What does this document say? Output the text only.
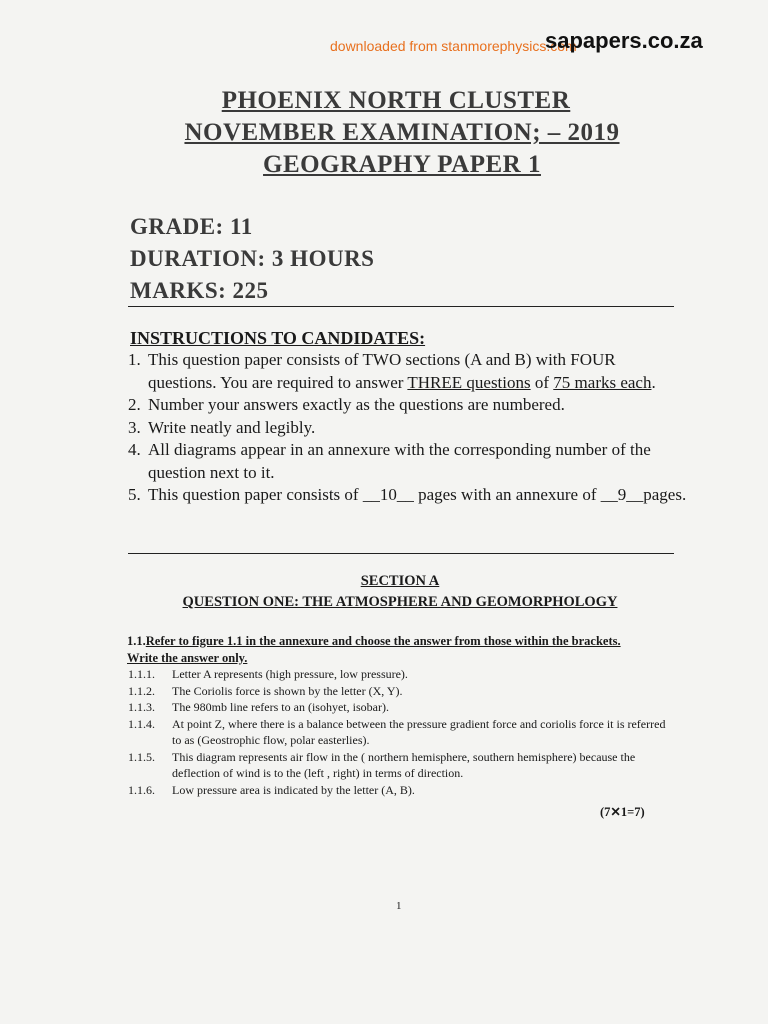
downloaded from stanmorephysics.com
sapapers.co.za
PHOENIX NORTH CLUSTER
NOVEMBER EXAMINATION; – 2019
GEOGRAPHY PAPER 1
GRADE: 11
DURATION: 3 HOURS
MARKS: 225
INSTRUCTIONS TO CANDIDATES:
1. This question paper consists of TWO sections (A and B) with FOUR questions. You are required to answer THREE questions of 75 marks each.
2. Number your answers exactly as the questions are numbered.
3. Write neatly and legibly.
4. All diagrams appear in an annexure with the corresponding number of the question next to it.
5. This question paper consists of __10__ pages with an annexure of __9__pages.
SECTION A
QUESTION ONE: THE ATMOSPHERE AND GEOMORPHOLOGY
1.1.Refer to figure 1.1 in the annexure and choose the answer from those within the brackets. Write the answer only.
1.1.1.	Letter A represents (high pressure, low pressure).
1.1.2.	The Coriolis force is shown by the letter (X, Y).
1.1.3.	The 980mb line refers to an (isohyet, isobar).
1.1.4.	At point Z, where there is a balance between the pressure gradient force and coriolis force it is referred to as (Geostrophic flow, polar easterlies).
1.1.5.	This diagram represents air flow in the ( northern hemisphere, southern hemisphere) because the deflection of wind is to the (left , right) in terms of direction.
1.1.6.	Low pressure area is indicated by the letter (A, B).
(7✕1=7)
1
